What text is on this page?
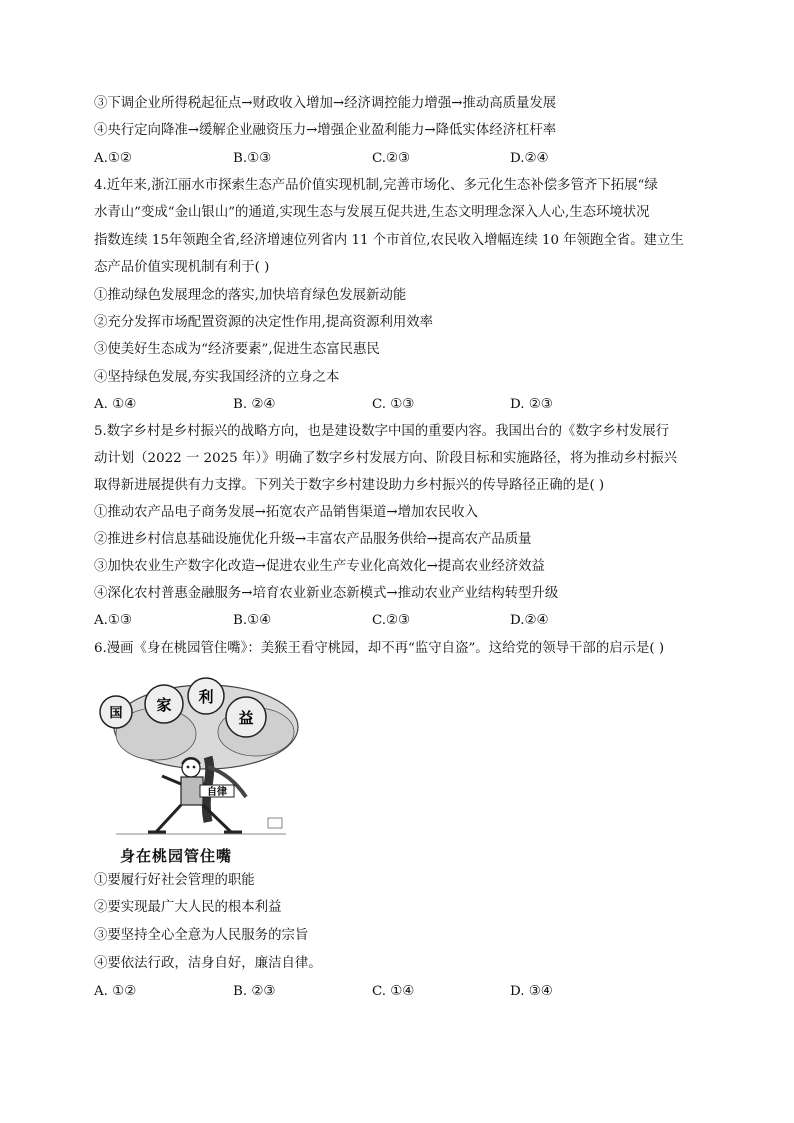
③下调企业所得税起征点→财政收入增加→经济调控能力增强→推动高质量发展
④央行定向降准→缓解企业融资压力→增强企业盈利能力→降低实体经济杠杆率
A.①②	B.①③	C.②③	D.②④
4.近年来,浙江丽水市探索生态产品价值实现机制,完善市场化、多元化生态补偿多管齐下拓展“绿
水青山”变成“金山银山”的通道,实现生态与发展互促共进,生态文明理念深入人心,生态环境状况
指数连续 15年领跑全省,经济增速位列省内 11 个市首位,农民收入增幅连续 10 年领跑全省。建立生
态产品价值实现机制有利于( )
①推动绿色发展理念的落实,加快培育绿色发展新动能
②充分发挥市场配置资源的决定性作用,提高资源利用效率
③使美好生态成为“经济要素”,促进生态富民惠民
④坚持绿色发展,夯实我国经济的立身之本
A. ①④	B. ②④	C. ①③	D. ②③
5.数字乡村是乡村振兴的战略方向，也是建设数字中国的重要内容。我国出台的《数字乡村发展行
动计划（2022 一 2025 年）》明确了数字乡村发展方向、阶段目标和实施路径，将为推动乡村振兴
取得新进展提供有力支撑。下列关于数字乡村建设助力乡村振兴的传导路径正确的是( )
①推动农产品电子商务发展→拓宽农产品销售渠道→增加农民收入
②推进乡村信息基础设施优化升级→丰富农产品服务供给→提高农产品质量
③加快农业生产数字化改造→促进农业生产专业化高效化→提高农业经济效益
④深化农村普惠金融服务→培育农业新业态新模式→推动农业产业结构转型升级
A.①③	B.①④	C.②③	D.②④
6.漫画《身在桃园管住嘴》：美猴王看守桃园，却不再“监守自盗”。这给党的领导干部的启示是( )
国 家 利
益
自律
身在桃园管住嘴
①要履行好社会管理的职能
②要实现最广大人民的根本利益
③要坚持全心全意为人民服务的宗旨
④要依法行政，洁身自好，廉洁自律。
A. ①②	B. ②③	C. ①④	D. ③④
